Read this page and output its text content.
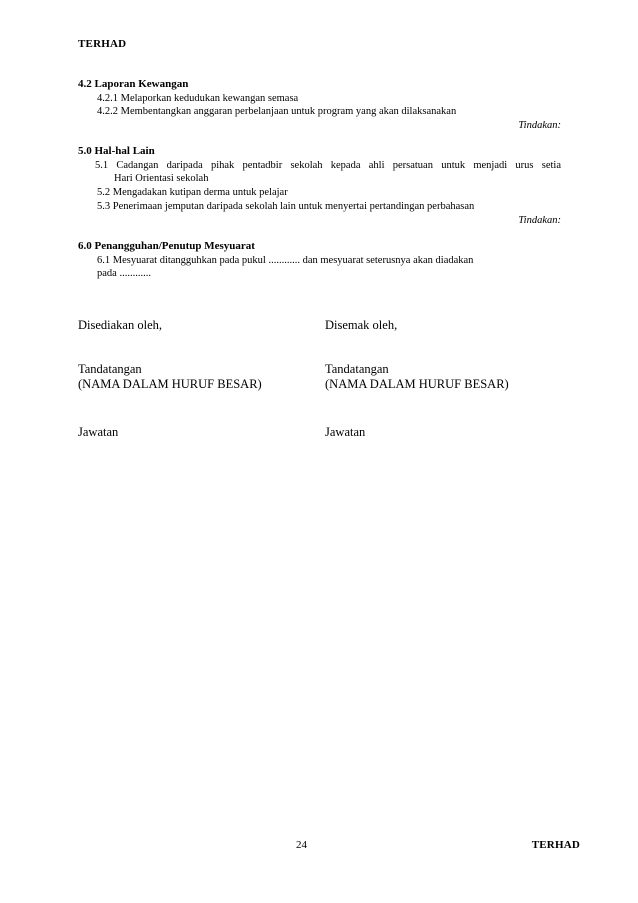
TERHAD
4.2 Laporan Kewangan
4.2.1 Melaporkan kedudukan kewangan semasa
4.2.2 Membentangkan anggaran perbelanjaan untuk program yang akan dilaksanakan
Tindakan:
5.0 Hal-hal Lain
5.1 Cadangan daripada pihak pentadbir sekolah kepada ahli persatuan untuk menjadi urus setia
Hari Orientasi sekolah
5.2 Mengadakan kutipan derma untuk pelajar
5.3 Penerimaan jemputan daripada sekolah lain untuk menyertai pertandingan perbahasan
Tindakan:
6.0 Penangguhan/Penutup Mesyuarat
6.1 Mesyuarat ditangguhkan pada pukul ............ dan mesyuarat seterusnya akan diadakan
pada ............
Disediakan oleh,
Tandatangan
(NAMA DALAM HURUF BESAR)
Jawatan
Disemak oleh,
Tandatangan
(NAMA DALAM HURUF BESAR)
Jawatan
24	TERHAD
